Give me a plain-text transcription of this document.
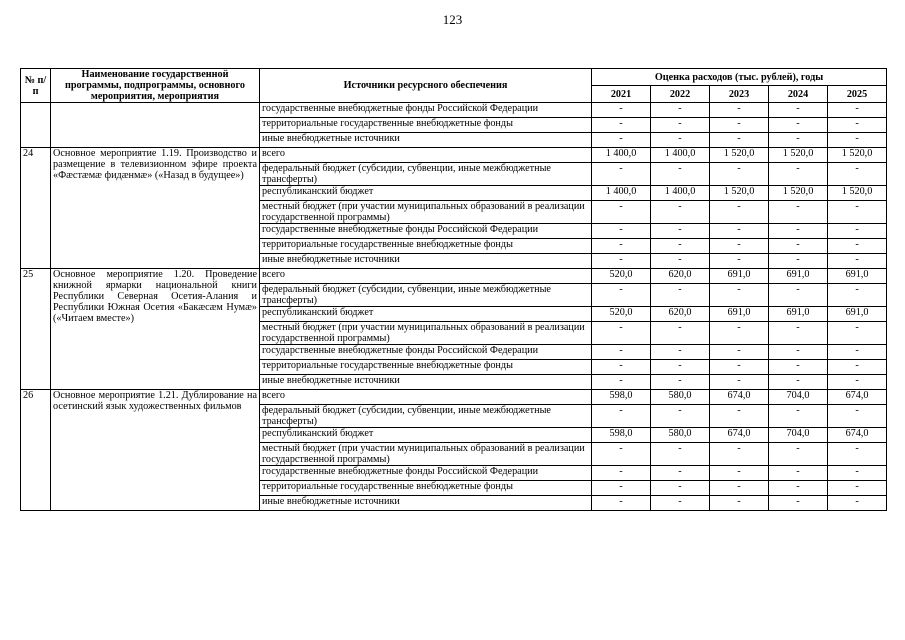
123
№ п/п	Наименование государственной программы, подпрограммы, основного мероприятия, мероприятия	Источники ресурсного обеспечения	Оценка расходов (тыс. рублей), годы				
			2021	2022	2023	2024	2025
		государственные внебюджетные фонды Российской Федерации	-	-	-	-	-
		территориальные государственные внебюджетные фонды	-	-	-	-	-
		иные внебюджетные источники	-	-	-	-	-
24	Основное мероприятие 1.19. Производство и размещение в телевизионном эфире проекта «Фæстæмæ фидæнмæ» («Назад в будущее»)	всего	1 400,0	1 400,0	1 520,0	1 520,0	1 520,0
		федеральный бюджет (субсидии, субвенции, иные межбюджетные трансферты)	-	-	-	-	-
		республиканский бюджет	1 400,0	1 400,0	1 520,0	1 520,0	1 520,0
		местный бюджет (при участии муниципальных образований в реализации государственной программы)	-	-	-	-	-
		государственные внебюджетные фонды Российской Федерации	-	-	-	-	-
		территориальные государственные внебюджетные фонды	-	-	-	-	-
		иные внебюджетные источники	-	-	-	-	-
25	Основное мероприятие 1.20. Проведение книжной ярмарки национальной книги Республики Северная Осетия-Алания и Республики Южная Осетия «Бакæсæм Нумæ» («Читаем вместе»)	всего	520,0	620,0	691,0	691,0	691,0
		федеральный бюджет (субсидии, субвенции, иные межбюджетные трансферты)	-	-	-	-	-
		республиканский бюджет	520,0	620,0	691,0	691,0	691,0
		местный бюджет (при участии муниципальных образований в реализации государственной программы)	-	-	-	-	-
		государственные внебюджетные фонды Российской Федерации	-	-	-	-	-
		территориальные государственные внебюджетные фонды	-	-	-	-	-
		иные внебюджетные источники	-	-	-	-	-
26	Основное мероприятие 1.21. Дублирование на осетинский язык художественных фильмов	всего	598,0	580,0	674,0	704,0	674,0
		федеральный бюджет (субсидии, субвенции, иные межбюджетные трансферты)	-	-	-	-	-
		республиканский бюджет	598,0	580,0	674,0	704,0	674,0
		местный бюджет (при участии муниципальных образований в реализации государственной программы)	-	-	-	-	-
		государственные внебюджетные фонды Российской Федерации	-	-	-	-	-
		территориальные государственные внебюджетные фонды	-	-	-	-	-
		иные внебюджетные источники	-	-	-	-	-
